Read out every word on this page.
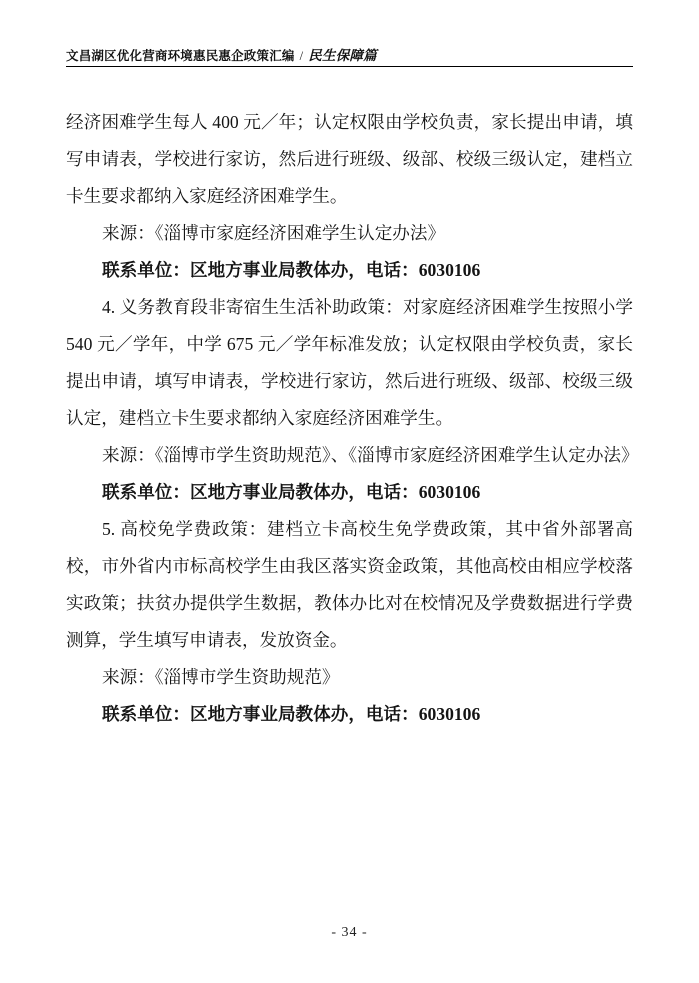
文昌湖区优化营商环境惠民惠企政策汇编 / 民生保障篇

经济困难学生每人 400 元／年；认定权限由学校负责，家长提出申请，填写申请表，学校进行家访，然后进行班级、级部、校级三级认定，建档立卡生要求都纳入家庭经济困难学生。

来源：《淄博市家庭经济困难学生认定办法》

联系单位：区地方事业局教体办，电话：6030106

4. 义务教育段非寄宿生生活补助政策：对家庭经济困难学生按照小学 540 元／学年，中学 675 元／学年标准发放；认定权限由学校负责，家长提出申请，填写申请表，学校进行家访，然后进行班级、级部、校级三级认定，建档立卡生要求都纳入家庭经济困难学生。

来源：《淄博市学生资助规范》、《淄博市家庭经济困难学生认定办法》

联系单位：区地方事业局教体办，电话：6030106

5. 高校免学费政策：建档立卡高校生免学费政策，其中省外部署高校，市外省内市标高校学生由我区落实资金政策，其他高校由相应学校落实政策；扶贫办提供学生数据，教体办比对在校情况及学费数据进行学费测算，学生填写申请表，发放资金。

来源：《淄博市学生资助规范》

联系单位：区地方事业局教体办，电话：6030106

- 34 -
